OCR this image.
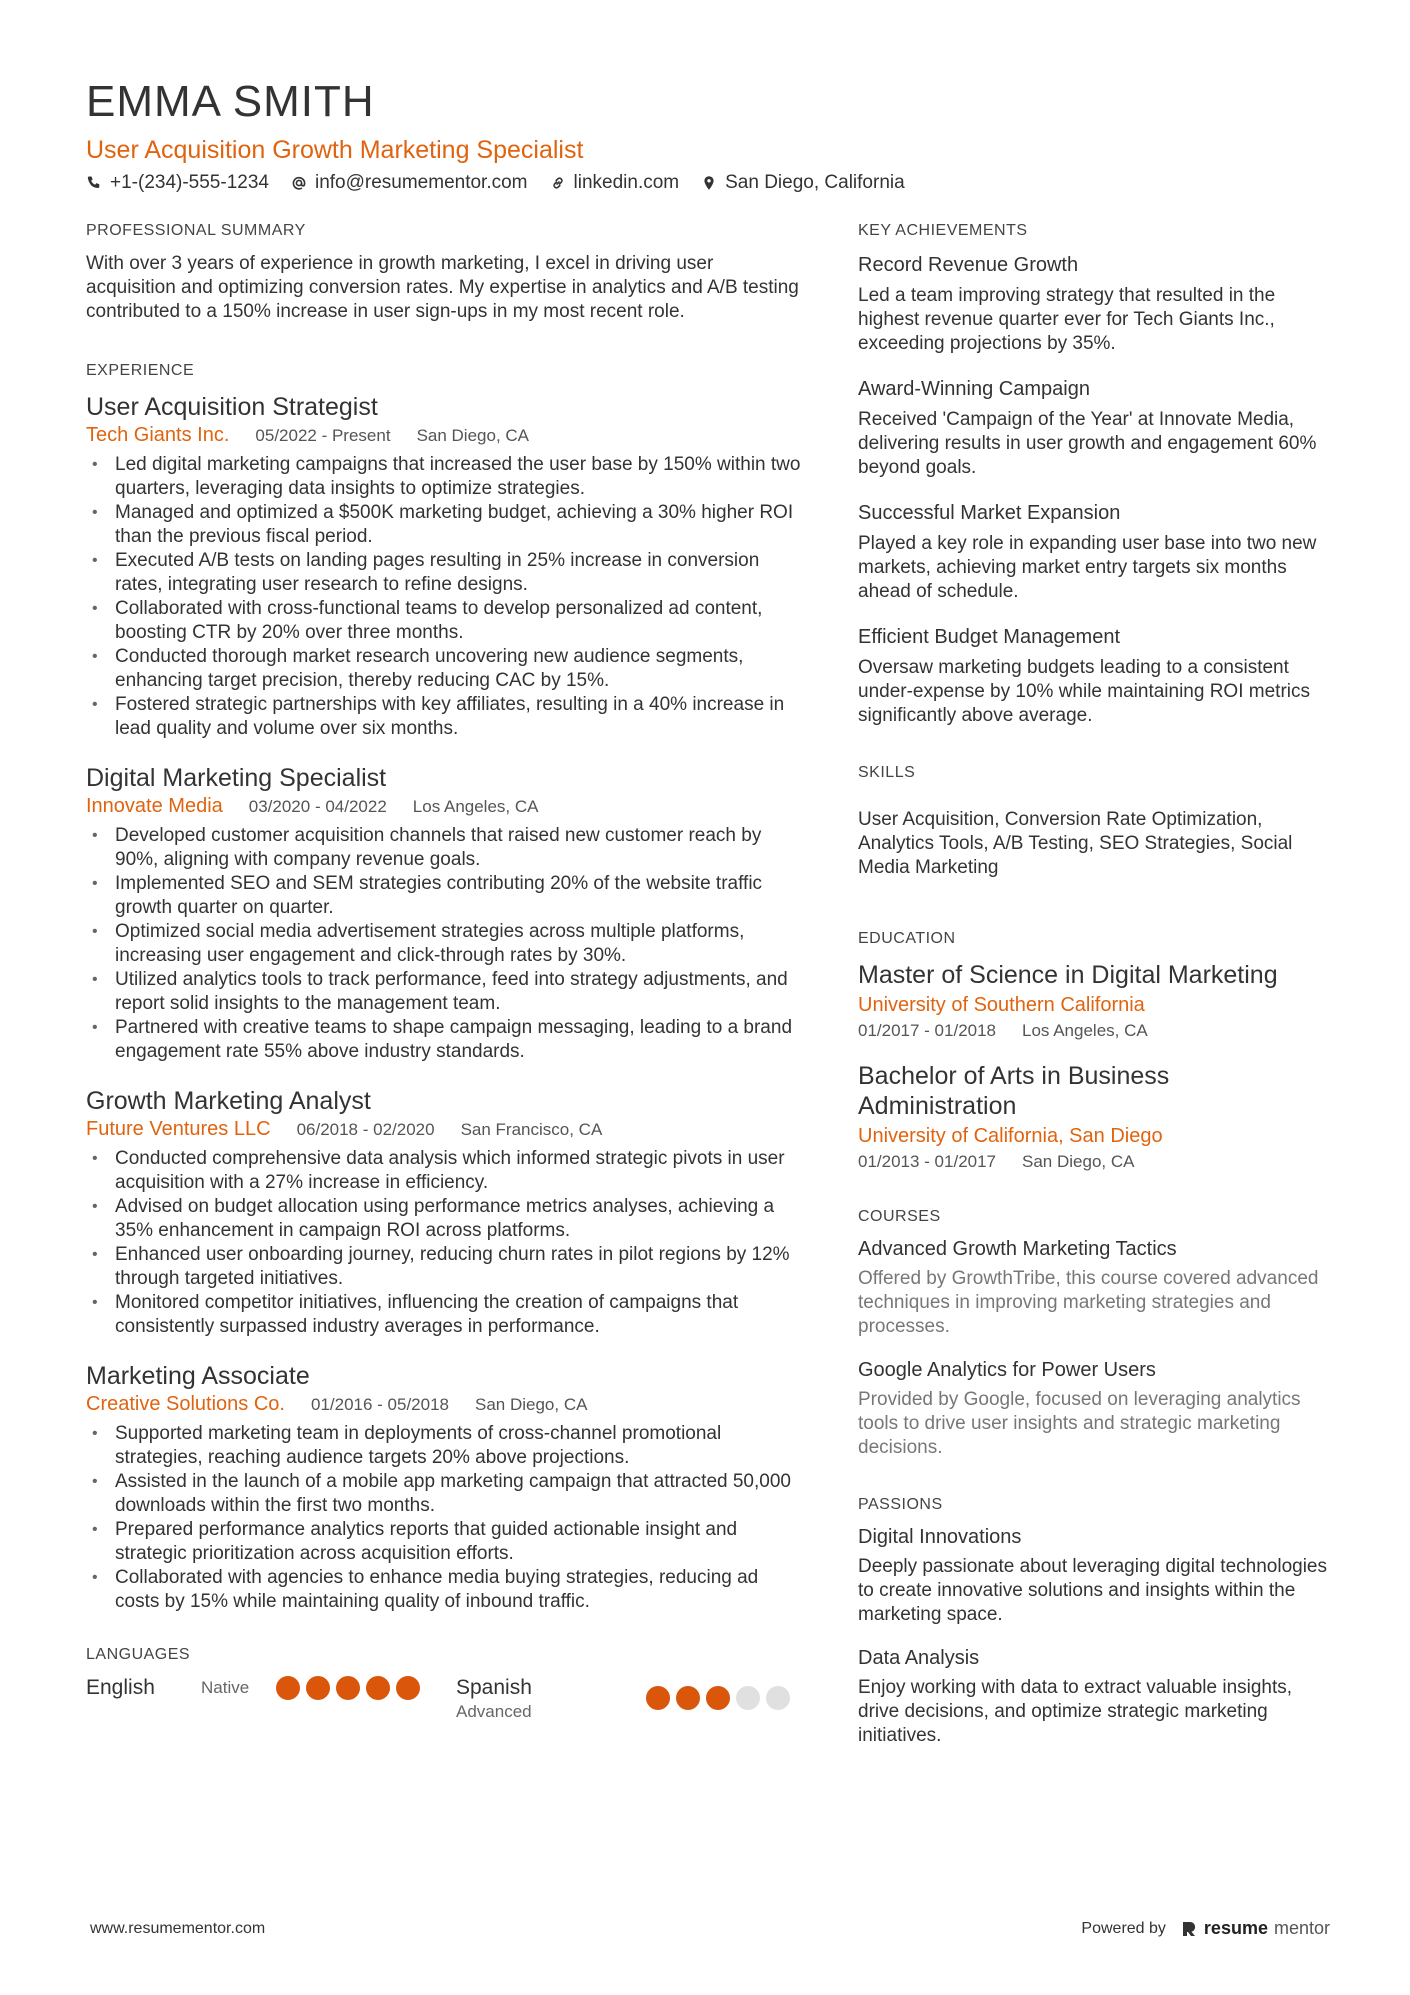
EMMA SMITH
User Acquisition Growth Marketing Specialist
+1-(234)-555-1234 info@resumementor.com linkedin.com San Diego, California
PROFESSIONAL SUMMARY

With over 3 years of experience in growth marketing, I excel in driving user acquisition and optimizing conversion rates. My expertise in analytics and A/B testing contributed to a 150% increase in user sign-ups in my most recent role.

EXPERIENCE
User Acquisition Strategist
Tech Giants Inc. 05/2022 - Present San Diego, CA
• Led digital marketing campaigns that increased the user base by 150% within two quarters, leveraging data insights to optimize strategies.
• Managed and optimized a $500K marketing budget, achieving a 30% higher ROI than the previous fiscal period.
• Executed A/B tests on landing pages resulting in 25% increase in conversion rates, integrating user research to refine designs.
• Collaborated with cross-functional teams to develop personalized ad content, boosting CTR by 20% over three months.
• Conducted thorough market research uncovering new audience segments, enhancing target precision, thereby reducing CAC by 15%.
• Fostered strategic partnerships with key affiliates, resulting in a 40% increase in lead quality and volume over six months.
Digital Marketing Specialist
Innovate Media 03/2020 - 04/2022 Los Angeles, CA
• Developed customer acquisition channels that raised new customer reach by 90%, aligning with company revenue goals.
• Implemented SEO and SEM strategies contributing 20% of the website traffic growth quarter on quarter.
• Optimized social media advertisement strategies across multiple platforms, increasing user engagement and click-through rates by 30%.
• Utilized analytics tools to track performance, feed into strategy adjustments, and report solid insights to the management team.
• Partnered with creative teams to shape campaign messaging, leading to a brand engagement rate 55% above industry standards.
Growth Marketing Analyst
Future Ventures LLC 06/2018 - 02/2020 San Francisco, CA
• Conducted comprehensive data analysis which informed strategic pivots in user acquisition with a 27% increase in efficiency.
• Advised on budget allocation using performance metrics analyses, achieving a 35% enhancement in campaign ROI across platforms.
• Enhanced user onboarding journey, reducing churn rates in pilot regions by 12% through targeted initiatives.
• Monitored competitor initiatives, influencing the creation of campaigns that consistently surpassed industry averages in performance.
Marketing Associate
Creative Solutions Co. 01/2016 - 05/2018 San Diego, CA
• Supported marketing team in deployments of cross-channel promotional strategies, reaching audience targets 20% above projections.
• Assisted in the launch of a mobile app marketing campaign that attracted 50,000 downloads within the first two months.
• Prepared performance analytics reports that guided actionable insight and strategic prioritization across acquisition efforts.
• Collaborated with agencies to enhance media buying strategies, reducing ad costs by 15% while maintaining quality of inbound traffic.
LANGUAGES
English	Native	Spanish
Advanced
KEY ACHIEVEMENTS
Record Revenue Growth
Led a team improving strategy that resulted in the highest revenue quarter ever for Tech Giants Inc., exceeding projections by 35%.
Award-Winning Campaign
Received 'Campaign of the Year' at Innovate Media, delivering results in user growth and engagement 60% beyond goals.
Successful Market Expansion
Played a key role in expanding user base into two new markets, achieving market entry targets six months ahead of schedule.
Efficient Budget Management
Oversaw marketing budgets leading to a consistent under-expense by 10% while maintaining ROI metrics significantly above average.
SKILLS
User Acquisition, Conversion Rate Optimization, Analytics Tools, A/B Testing, SEO Strategies, Social Media Marketing
EDUCATION
Master of Science in Digital Marketing
University of Southern California
01/2017 - 01/2018 Los Angeles, CA
Bachelor of Arts in Business Administration
University of California, San Diego
01/2013 - 01/2017 San Diego, CA
COURSES
Advanced Growth Marketing Tactics
Offered by GrowthTribe, this course covered advanced techniques in improving marketing strategies and processes.
Google Analytics for Power Users
Provided by Google, focused on leveraging analytics tools to drive user insights and strategic marketing decisions.
PASSIONS
Digital Innovations
Deeply passionate about leveraging digital technologies to create innovative solutions and insights within the marketing space.
Data Analysis
Enjoy working with data to extract valuable insights, drive decisions, and optimize strategic marketing initiatives.
www.resumementor.com	Powered by resume mentor
